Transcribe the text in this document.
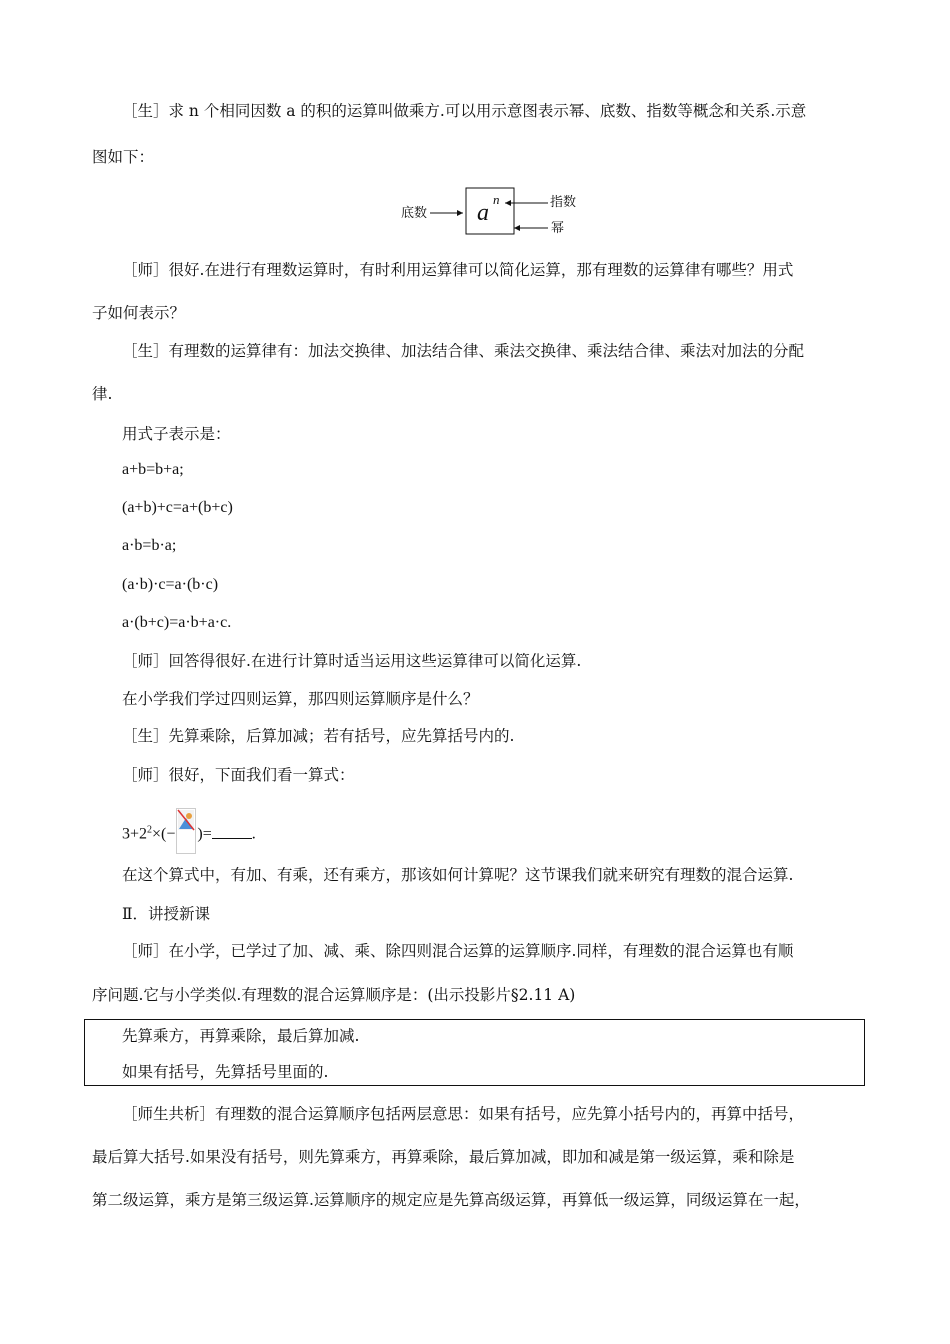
［生］求 n 个相同因数 a 的积的运算叫做乘方.可以用示意图表示幂、底数、指数等概念和关系.示意
图如下：
底数 a
n	指数
幂
［师］很好.在进行有理数运算时，有时利用运算律可以简化运算，那有理数的运算律有哪些？用式
子如何表示？
［生］有理数的运算律有：加法交换律、加法结合律、乘法交换律、乘法结合律、乘法对加法的分配
律.
用式子表示是：
a+b=b+a;
(a+b)+c=a+(b+c)
a·b=b·a;
(a·b)·c=a·(b·c)
a·(b+c)=a·b+a·c.
［师］回答得很好.在进行计算时适当运用这些运算律可以简化运算.
在小学我们学过四则运算，那四则运算顺序是什么？
［生］先算乘除，后算加减；若有括号，应先算括号内的.
［师］很好，下面我们看一算式：
$3+2^2\times(-$ )=	.
在这个算式中，有加、有乘，还有乘方，那该如何计算呢？这节课我们就来研究有理数的混合运算.
Ⅱ．讲授新课
［师］在小学，已学过了加、减、乘、除四则混合运算的运算顺序.同样，有理数的混合运算也有顺
序问题.它与小学类似.有理数的混合运算顺序是：(出示投影片§2.11 A)
先算乘方，再算乘除，最后算加减.
如果有括号，先算括号里面的.
［师生共析］有理数的混合运算顺序包括两层意思：如果有括号，应先算小括号内的，再算中括号，
最后算大括号.如果没有括号，则先算乘方，再算乘除，最后算加减，即加和减是第一级运算，乘和除是
第二级运算，乘方是第三级运算.运算顺序的规定应是先算高级运算，再算低一级运算，同级运算在一起，
